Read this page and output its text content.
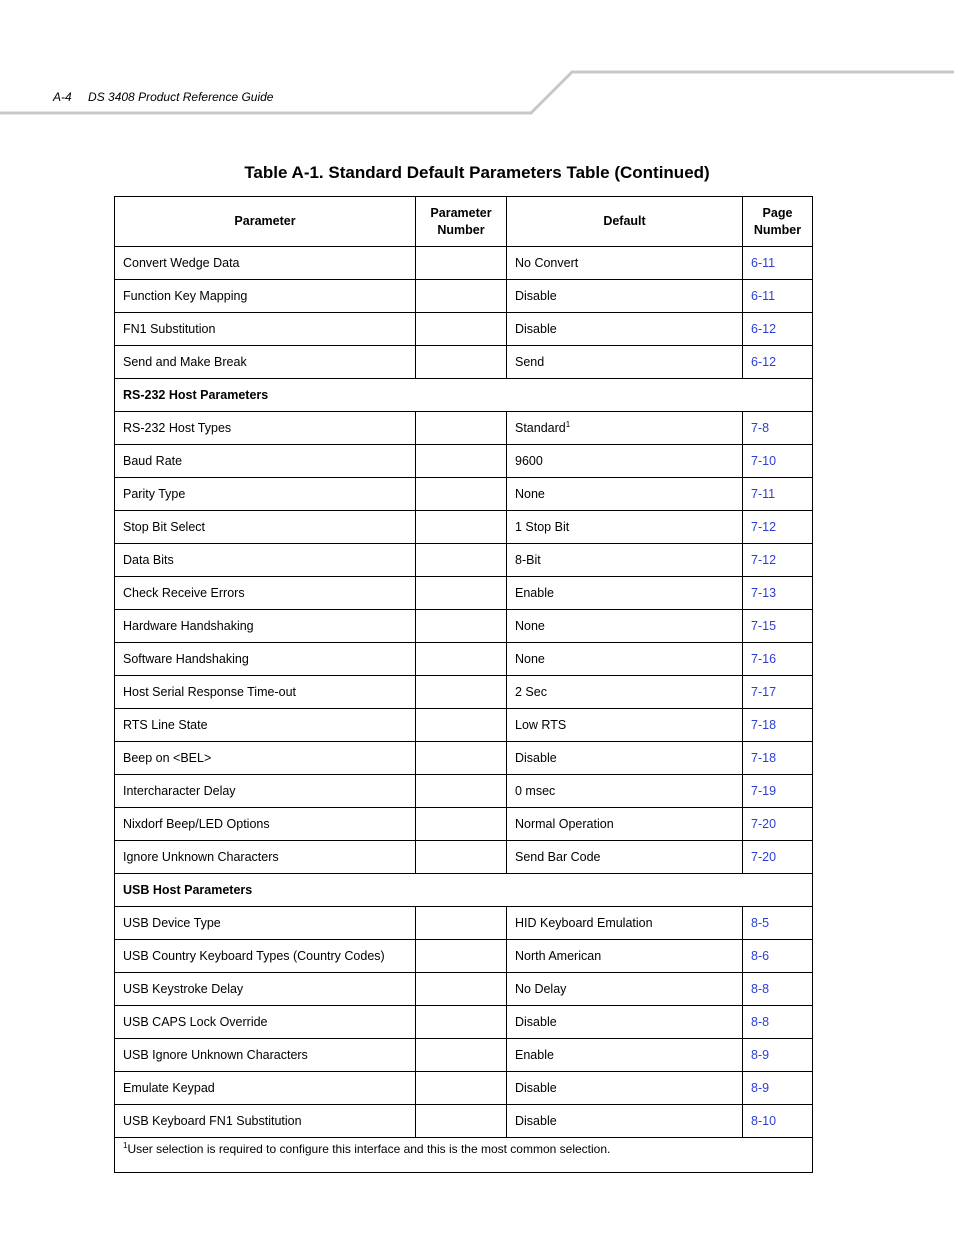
A-4 DS 3408 Product Reference Guide
Table A-1. Standard Default Parameters Table (Continued)
Parameter	Parameter Number	Default	Page Number

Convert Wedge Data		No Convert	6-11
Function Key Mapping		Disable	6-11
FN1 Substitution		Disable	6-12
Send and Make Break		Send	6-12
RS-232 Host Parameters			
RS-232 Host Types		Standard$^1$	7-8
Baud Rate		9600	7-10
Parity Type		None	7-11
Stop Bit Select		1 Stop Bit	7-12
Data Bits		8-Bit	7-12
Check Receive Errors		Enable	7-13
Hardware Handshaking		None	7-15
Software Handshaking		None	7-16
Host Serial Response Time-out		2 Sec	7-17
RTS Line State		Low RTS	7-18
Beep on <BEL>		Disable	7-18
Intercharacter Delay		0 msec	7-19
Nixdorf Beep/LED Options		Normal Operation	7-20
Ignore Unknown Characters		Send Bar Code	7-20
USB Host Parameters			
USB Device Type		HID Keyboard Emulation	8-5
USB Country Keyboard Types (Country Codes)		North American	8-6
USB Keystroke Delay		No Delay	8-8
USB CAPS Lock Override		Disable	8-8
USB Ignore Unknown Characters		Enable	8-9
Emulate Keypad		Disable	8-9
USB Keyboard FN1 Substitution		Disable	8-10
$^1$User selection is required to configure this interface and this is the most common selection.			
